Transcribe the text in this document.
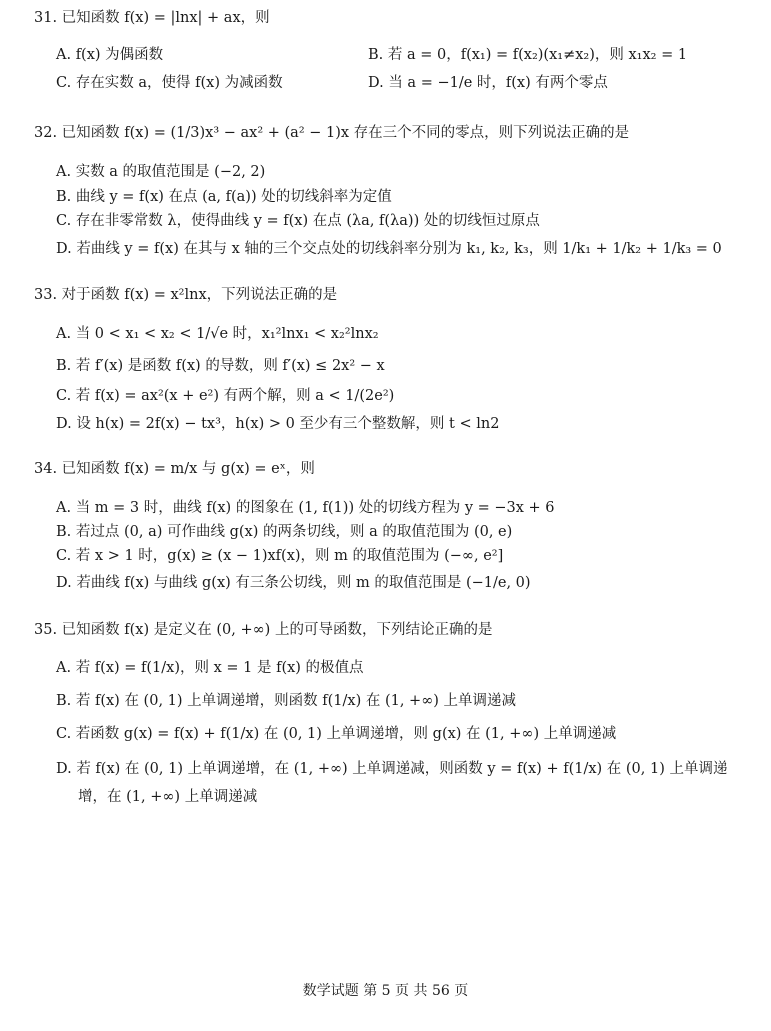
31. 已知函数 f(x) = |lnx| + ax，则
A. f(x) 为偶函数	B. 若 a = 0，f(x₁) = f(x₂)(x₁≠x₂)，则 x₁x₂ = 1
C. 存在实数 a，使得 f(x) 为减函数	D. 当 a = −1/e 时，f(x) 有两个零点
32. 已知函数 f(x) = (1/3)x³ − ax² + (a² − 1)x 存在三个不同的零点，则下列说法正确的是
A. 实数 a 的取值范围是 (−2, 2)
B. 曲线 y = f(x) 在点 (a, f(a)) 处的切线斜率为定值
C. 存在非零常数 λ，使得曲线 y = f(x) 在点 (λa, f(λa)) 处的切线恒过原点
D. 若曲线 y = f(x) 在其与 x 轴的三个交点处的切线斜率分别为 k₁, k₂, k₃，则 1/k₁ + 1/k₂ + 1/k₃ = 0
33. 对于函数 f(x) = x²lnx，下列说法正确的是
A. 当 0 < x₁ < x₂ < 1/√e 时，x₁²lnx₁ < x₂²lnx₂
B. 若 f′(x) 是函数 f(x) 的导数，则 f′(x) ≤ 2x² − x
C. 若 f(x) = ax²(x + e²) 有两个解，则 a < 1/(2e²)
D. 设 h(x) = 2f(x) − tx³，h(x) > 0 至少有三个整数解，则 t < ln2
34. 已知函数 f(x) = m/x 与 g(x) = eˣ，则
A. 当 m = 3 时，曲线 f(x) 的图象在 (1, f(1)) 处的切线方程为 y = −3x + 6
B. 若过点 (0, a) 可作曲线 g(x) 的两条切线，则 a 的取值范围为 (0, e)
C. 若 x > 1 时，g(x) ≥ (x − 1)xf(x)，则 m 的取值范围为 (−∞, e²]
D. 若曲线 f(x) 与曲线 g(x) 有三条公切线，则 m 的取值范围是 (−1/e, 0)
35. 已知函数 f(x) 是定义在 (0, +∞) 上的可导函数，下列结论正确的是
A. 若 f(x) = f(1/x)，则 x = 1 是 f(x) 的极值点
B. 若 f(x) 在 (0, 1) 上单调递增，则函数 f(1/x) 在 (1, +∞) 上单调递减
C. 若函数 g(x) = f(x) + f(1/x) 在 (0, 1) 上单调递增，则 g(x) 在 (1, +∞) 上单调递减
D. 若 f(x) 在 (0, 1) 上单调递增，在 (1, +∞) 上单调递减，则函数 y = f(x) + f(1/x) 在 (0, 1) 上单调递
增，在 (1, +∞) 上单调递减
数学试题 第 5 页 共 56 页
